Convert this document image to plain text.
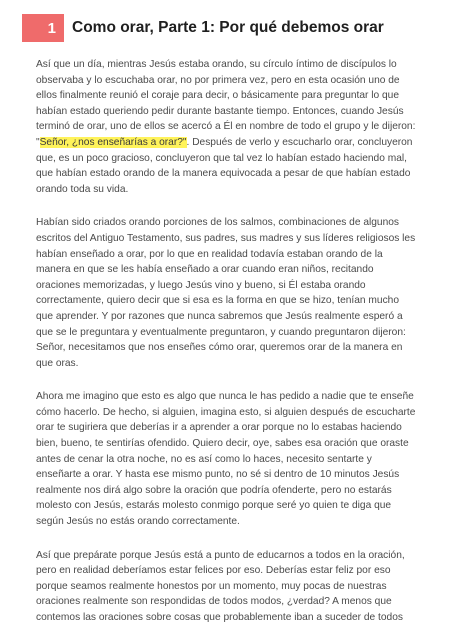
1	Como orar, Parte 1: Por qué debemos orar

Así que un día, mientras Jesús estaba orando, su círculo íntimo de discípulos lo observaba y lo escuchaba orar, no por primera vez, pero en esta ocasión uno de ellos finalmente reunió el coraje para decir, o básicamente para preguntar lo que habían estado queriendo pedir durante bastante tiempo. Entonces, cuando Jesús terminó de orar, uno de ellos se acercó a Él en nombre de todo el grupo y le dijeron: "Señor, ¿nos enseñarías a orar?". Después de verlo y escucharlo orar, concluyeron que, es un poco gracioso, concluyeron que tal vez lo habían estado haciendo mal, que habían estado orando de la manera equivocada a pesar de que habían estado orando toda su vida.

Habían sido criados orando porciones de los salmos, combinaciones de algunos escritos del Antiguo Testamento, sus padres, sus madres y sus líderes religiosos les habían enseñado a orar, por lo que en realidad todavía estaban orando de la manera en que se les había enseñado a orar cuando eran niños, recitando oraciones memorizadas, y luego Jesús vino y bueno, si Él estaba orando correctamente, quiero decir que si esa es la forma en que se hizo, tenían mucho que aprender. Y por razones que nunca sabremos que Jesús realmente esperó a que se le preguntara y eventualmente preguntaron, y cuando preguntaron dijeron: Señor, necesitamos que nos enseñes cómo orar, queremos orar de la manera en que oras.

Ahora me imagino que esto es algo que nunca le has pedido a nadie que te enseñe cómo hacerlo. De hecho, si alguien, imagina esto, si alguien después de escucharte orar te sugiriera que deberías ir a aprender a orar porque no lo estabas haciendo bien, bueno, te sentirías ofendido. Quiero decir, oye, sabes esa oración que oraste antes de cenar la otra noche, no es así como lo haces, necesito sentarte y enseñarte a orar. Y hasta ese mismo punto, no sé si dentro de 10 minutos Jesús realmente nos dirá algo sobre la oración que podría ofenderte, pero no estarás molesto con Jesús, estarás molesto conmigo porque seré yo quien te diga que según Jesús no estás orando correctamente.

Así que prepárate porque Jesús está a punto de educarnos a todos en la oración, pero en realidad deberíamos estar felices por eso. Deberías estar feliz por eso porque seamos realmente honestos por un momento, muy pocas de nuestras oraciones realmente son respondidas de todos modos, ¿verdad? A menos que contemos las oraciones sobre cosas que probablemente iban a suceder de todos
